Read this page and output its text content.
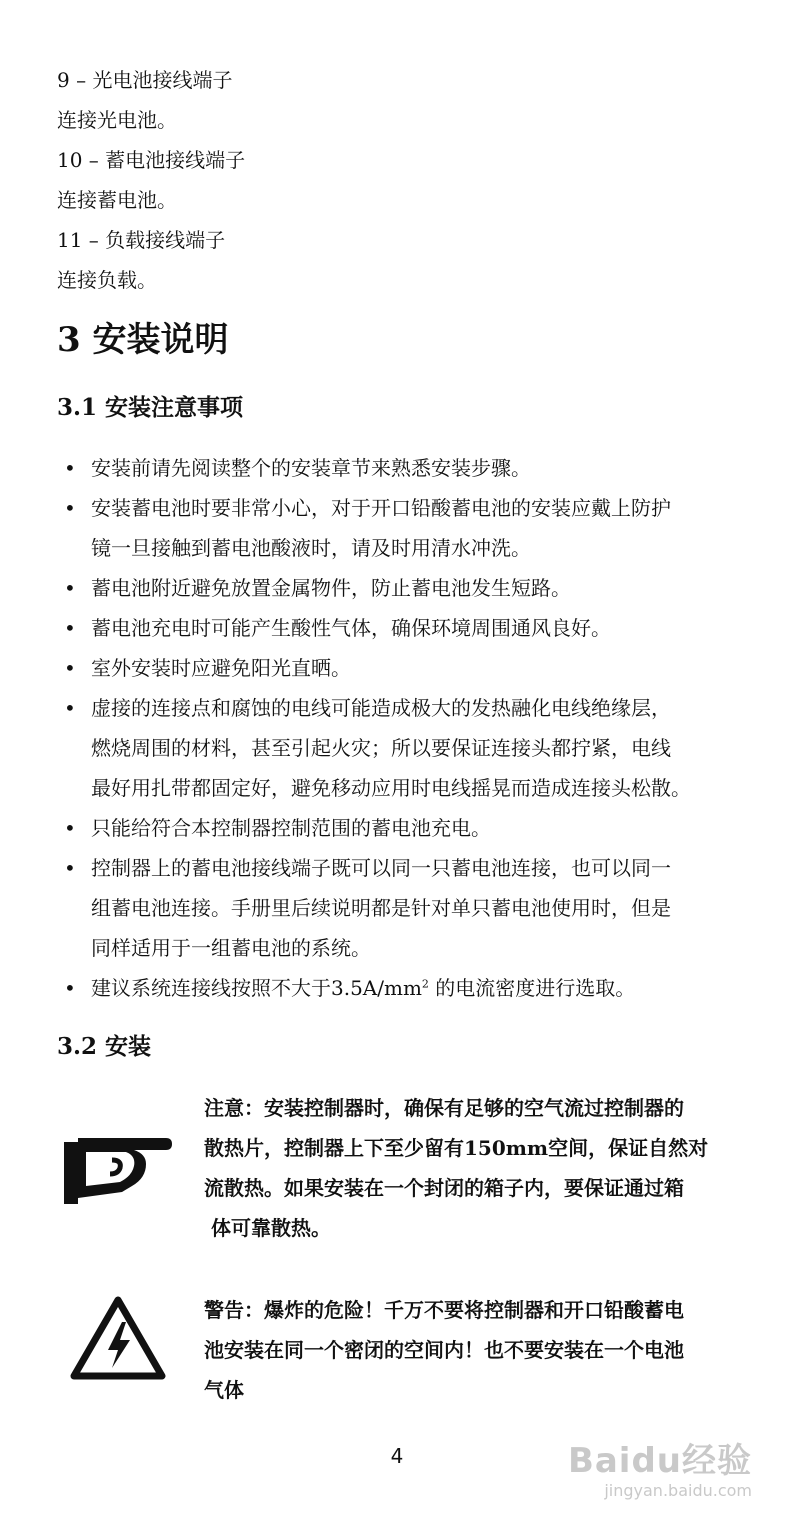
9 – 光电池接线端子
连接光电池。
10 – 蓄电池接线端子
连接蓄电池。
11 – 负载接线端子
连接负载。
3 安装说明
3.1 安装注意事项
• 安装前请先阅读整个的安装章节来熟悉安装步骤。
• 安装蓄电池时要非常小心，对于开口铅酸蓄电池的安装应戴上防护
镜一旦接触到蓄电池酸液时，请及时用清水冲洗。
• 蓄电池附近避免放置金属物件，防止蓄电池发生短路。
• 蓄电池充电时可能产生酸性气体，确保环境周围通风良好。
• 室外安装时应避免阳光直晒。
• 虚接的连接点和腐蚀的电线可能造成极大的发热融化电线绝缘层，
燃烧周围的材料，甚至引起火灾；所以要保证连接头都拧紧，电线
最好用扎带都固定好，避免移动应用时电线摇晃而造成连接头松散。
• 只能给符合本控制器控制范围的蓄电池充电。
• 控制器上的蓄电池接线端子既可以同一只蓄电池连接，也可以同一
组蓄电池连接。手册里后续说明都是针对单只蓄电池使用时，但是
同样适用于一组蓄电池的系统。
• 建议系统连接线按照不大于$3.5A/mm^2$ 的电流密度进行选取。
3.2 安装
注意：安装控制器时，确保有足够的空气流过控制器的
散热片，控制器上下至少留有150mm空间，保证自然对
流散热。如果安装在一个封闭的箱子内，要保证通过箱
体可靠散热。
警告：爆炸的危险！千万不要将控制器和开口铅酸蓄电
池安装在同一个密闭的空间内！也不要安装在一个电池
气体
4	Baidu经验
jingyan.baidu.com
